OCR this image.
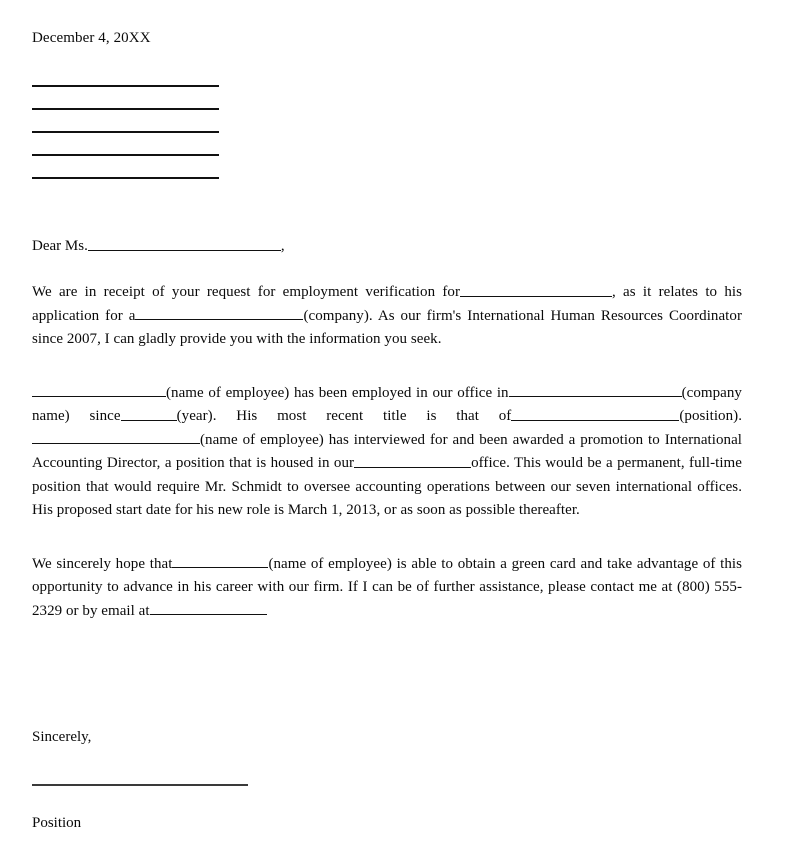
December 4, 20XX
Dear Ms.	,

We are in receipt of your request for employment verification for	, as it relates to his application for a	(company). As our firm's International Human Resources Coordinator since 2007, I can gladly provide you with the information you seek.

(name of employee) has been employed in our office in	(company name) since	(year). His most recent title is that of	(position).(name of employee) has interviewed for and been awarded a promotion to International Accounting Director, a position that is housed in our	office. This would be a permanent, full-time position that would require Mr. Schmidt to oversee accounting operations between our seven international offices. His proposed start date for his new role is March 1, 2013, or as soon as possible thereafter.

We sincerely hope that	(name of employee) is able to obtain a green card and take advantage of this opportunity to advance in his career with our firm. If I can be of further assistance, please contact me at (800) 555-2329 or by email at

Sincerely,
Position
